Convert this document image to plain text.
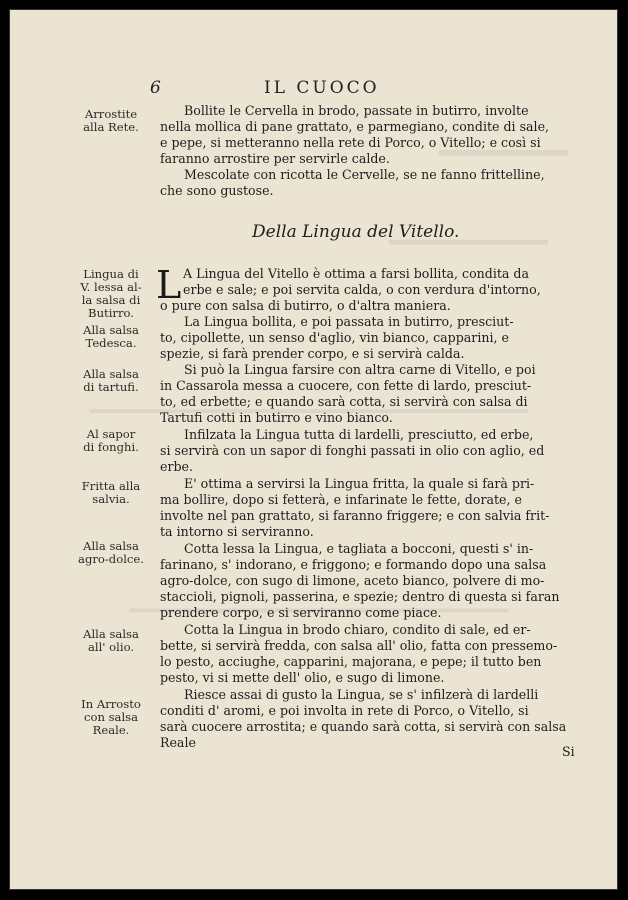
6	IL CUOCO
Arrostite
alla Rete.
Lingua di
V. lessa al-
la salsa di
Butirro.
Alla salsa
Tedesca.
Alla salsa
di tartufi.
Al sapor
di fonghi.
Fritta alla
salvia.
Alla salsa
agro-dolce.
Alla salsa
all' olio.
In Arrosto
con salsa
Reale.
Bollite le Cervella in brodo, passate in butirro, involte
nella mollica di pane grattato, e parmegiano, condite di sale,
e pepe, si metteranno nella rete di Porco, o Vitello; e così si
faranno arrostire per servirle calde.
Mescolate con ricotta le Cervelle, se ne fanno frittelline,
che sono gustose.
Della Lingua del Vitello.
L A Lingua del Vitello è ottima a farsi bollita, condita da
erbe e sale; e poi servita calda, o con verdura d'intorno,
o pure con salsa di butirro, o d'altra maniera.
La Lingua bollita, e poi passata in butirro, presciut-
to, cipollette, un senso d'aglio, vin bianco, capparini, e
spezie, si farà prender corpo, e si servirà calda.
Si può la Lingua farsire con altra carne di Vitello, e poi
in Cassarola messa a cuocere, con fette di lardo, presciut-
to, ed erbette; e quando sarà cotta, si servirà con salsa di
Tartufi cotti in butirro e vino bianco.
Infilzata la Lingua tutta di lardelli, presciutto, ed erbe,
si servirà con un sapor di fonghi passati in olio con aglio, ed
erbe.
E' ottima a servirsi la Lingua fritta, la quale si farà pri-
ma bollire, dopo si fetterà, e infarinate le fette, dorate, e
involte nel pan grattato, si faranno friggere; e con salvia frit-
ta intorno si serviranno.
Cotta lessa la Lingua, e tagliata a bocconi, questi s' in-
farinano, s' indorano, e friggono; e formando dopo una salsa
agro-dolce, con sugo di limone, aceto bianco, polvere di mo-
staccioli, pignoli, passerina, e spezie; dentro di questa si faran
prendere corpo, e si serviranno come piace.
Cotta la Lingua in brodo chiaro, condito di sale, ed er-
bette, si servirà fredda, con salsa all' olio, fatta con pressemo-
lo pesto, acciughe, capparini, majorana, e pepe; il tutto ben
pesto, vi si mette dell' olio, e sugo di limone.
Riesce assai di gusto la Lingua, se s' infilzerà di lardelli
conditi d' aromi, e poi involta in rete di Porco, o Vitello, si
sarà cuocere arrostita; e quando sarà cotta, si servirà con salsa
Reale
Si
